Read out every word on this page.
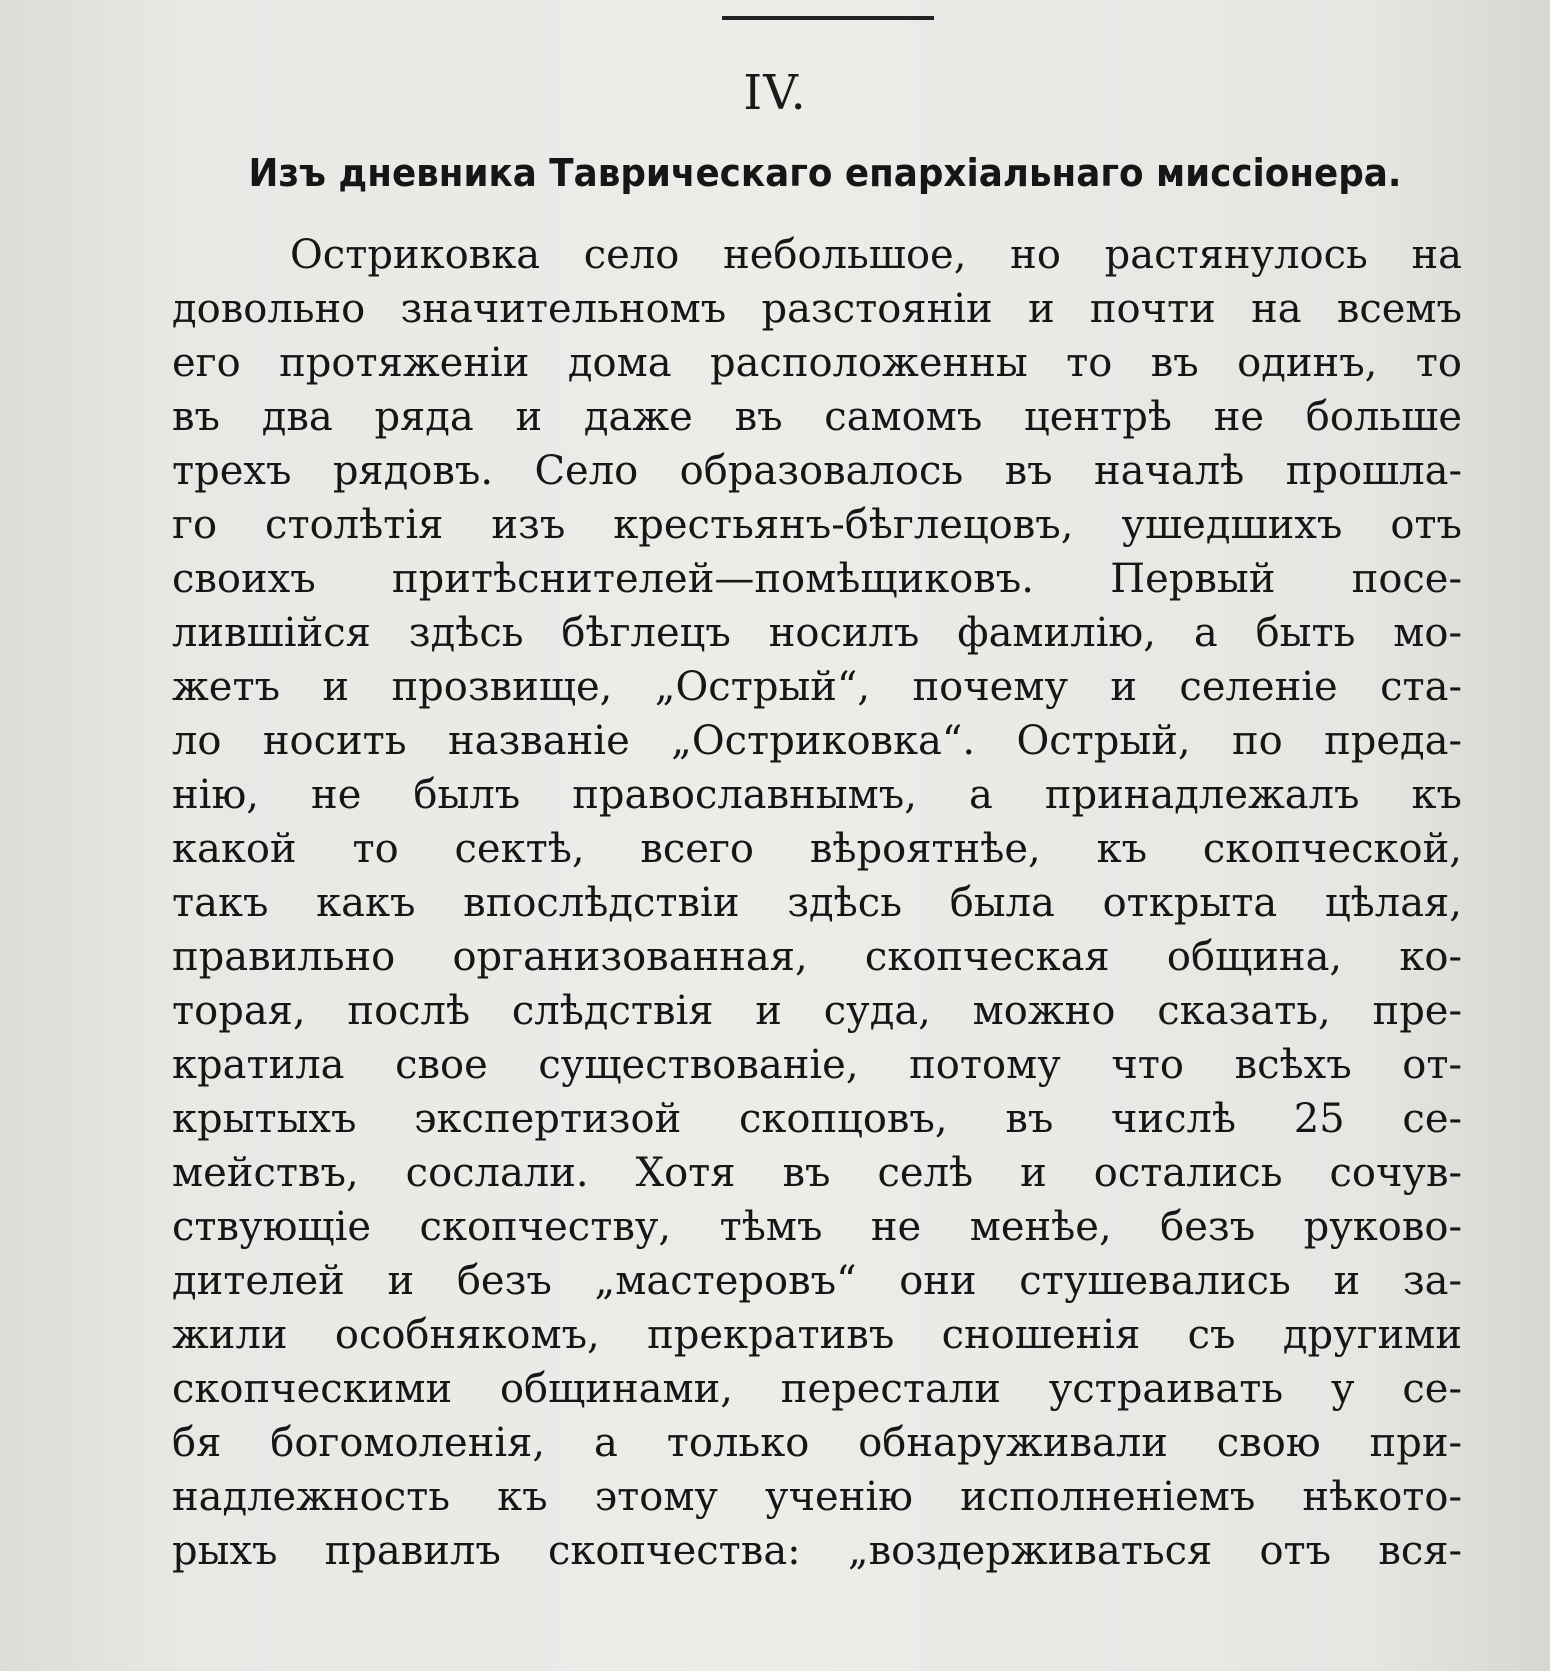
IV.
Изъ дневника Таврическаго епархіальнаго миссіонера.
Остриковка село небольшое, но растянулось на
довольно значительномъ разстояніи и почти на всемъ
его протяженіи дома расположенны то въ одинъ, то
въ два ряда и даже въ самомъ центрѣ не больше
трехъ рядовъ. Село образовалось въ началѣ прошла-
го столѣтія изъ крестьянъ-бѣглецовъ, ушедшихъ отъ
своихъ притѣснителей—помѣщиковъ. Первый посе-
лившійся здѣсь бѣглецъ носилъ фамилію, а быть мо-
жетъ и прозвище, „Острый“, почему и селеніе ста-
ло носить названіе „Остриковка“. Острый, по преда-
нію, не былъ православнымъ, а принадлежалъ къ
какой то сектѣ, всего вѣроятнѣе, къ скопческой,
такъ какъ впослѣдствіи здѣсь была открыта цѣлая,
правильно организованная, скопческая община, ко-
торая, послѣ слѣдствія и суда, можно сказать, пре-
кратила свое существованіе, потому что всѣхъ от-
крытыхъ экспертизой скопцовъ, въ числѣ 25 се-
мействъ, сослали. Хотя въ селѣ и остались сочув-
ствующіе скопчеству, тѣмъ не менѣе, безъ руково-
дителей и безъ „мастеровъ“ они стушевались и за-
жили особнякомъ, прекративъ сношенія съ другими
скопческими общинами, перестали устраивать у се-
бя богомоленія, а только обнаруживали свою при-
надлежность къ этому ученію исполненіемъ нѣкото-
рыхъ правилъ скопчества: „воздерживаться отъ вся-
